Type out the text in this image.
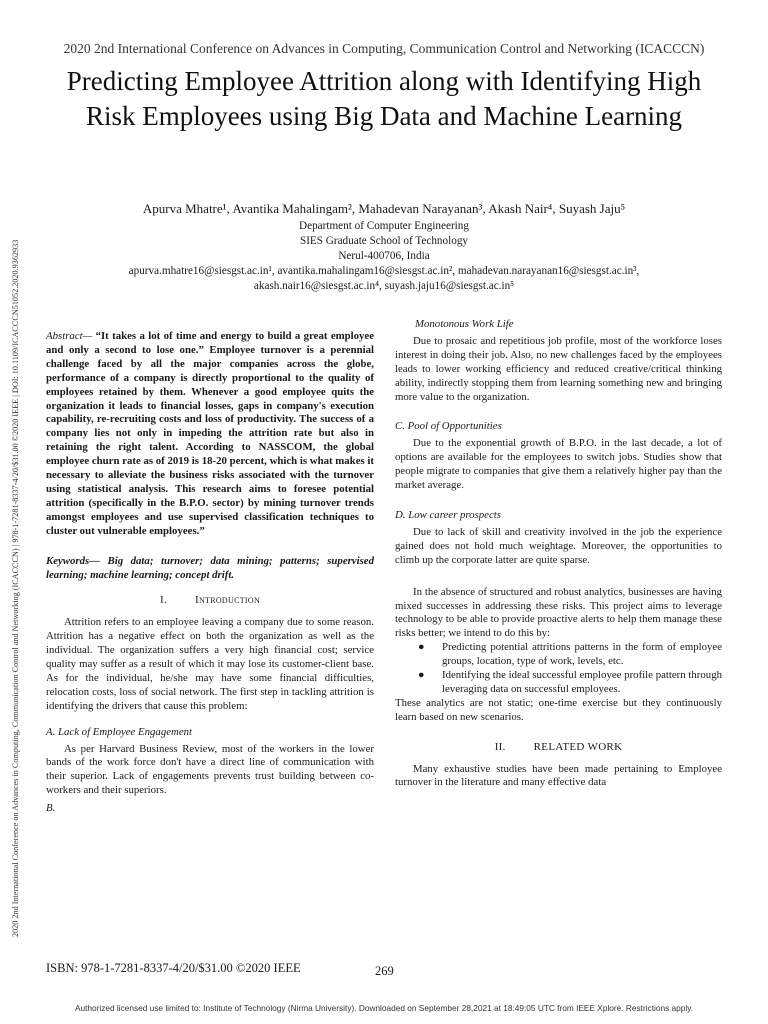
2020 2nd International Conference on Advances in Computing, Communication Control and Networking (ICACCCN)
2020 2nd International Conference on Advances in Computing, Communication Control and Networking (ICACCCN) | 978-1-7281-8337-4/20/$31.00 ©2020 IEEE | DOI: 10.1109/ICACCCN51052.2020.9362933
Predicting Employee Attrition along with Identifying High Risk Employees using Big Data and Machine Learning
Apurva Mhatre¹, Avantika Mahalingam², Mahadevan Narayanan³, Akash Nair⁴, Suyash Jaju⁵
Department of Computer Engineering
SIES Graduate School of Technology
Nerul-400706, India
apurva.mhatre16@siesgst.ac.in¹, avantika.mahalingam16@siesgst.ac.in², mahadevan.narayanan16@siesgst.ac.in³,
akash.nair16@siesgst.ac.in⁴, suyash.jaju16@siesgst.ac.in⁵

Abstract— “It takes a lot of time and energy to build a great employee and only a second to lose one.” Employee turnover is a perennial challenge faced by all the major companies across the globe, performance of a company is directly proportional to the quality of employees retained by them. Whenever a good employee quits the organization it leads to financial losses, gaps in company's execution capability, re-recruiting costs and loss of productivity. The success of a company lies not only in impeding the attrition rate but also in retaining the right talent. According to NASSCOM, the global employee churn rate as of 2019 is 18-20 percent, which is what makes it necessary to alleviate the business risks associated with the turnover using statistical analysis. This research aims to foresee potential attrition (specifically in the B.P.O. sector) by mining turnover trends amongst employees and use supervised classification techniques to cluster out vulnerable employees.”

Keywords— Big data; turnover; data mining; patterns; supervised learning; machine learning; concept drift.

I.	Introduction

Attrition refers to an employee leaving a company due to some reason. Attrition has a negative effect on both the organization as well as the individual. The organization suffers a very high financial cost; service quality may suffer as a result of which it may lose its customer-client base. As for the individual, he/she may have some financial difficulties, relocation costs, loss of social network. The first step in tackling attrition is identifying the drivers that cause this problem:

A. Lack of Employee Engagement

As per Harvard Business Review, most of the workers in the lower bands of the work force don't have a direct line of communication with their superior. Lack of engagements prevents trust building between co-workers and their superiors.

B.
Monotonous Work Life

Due to prosaic and repetitious job profile, most of the workforce loses interest in doing their job. Also, no new challenges faced by the employees leads to lower working efficiency and reduced creative/critical thinking ability, indirectly stopping them from learning something new and bringing more value to the organization.

C. Pool of Opportunities

Due to the exponential growth of B.P.O. in the last decade, a lot of options are available for the employees to switch jobs. Studies show that people migrate to companies that give them a relatively higher pay than the market average.

D. Low career prospects

Due to lack of skill and creativity involved in the job the experience gained does not hold much weightage. Moreover, the opportunities to climb up the corporate latter are quite sparse.

In the absence of structured and robust analytics, businesses are having mixed successes in addressing these risks. This project aims to leverage technology to be able to provide proactive alerts to help them manage these risks better; we intend to do this by:

● Predicting potential attritions patterns in the form of employee groups, location, type of work, levels, etc.
● Identifying the ideal successful employee profile pattern through leveraging data on successful employees.

These analytics are not static; one-time exercise but they continuously learn based on new scenarios.

II.	RELATED WORK

Many exhaustive studies have been made pertaining to Employee turnover in the literature and many effective data

ISBN: 978-1-7281-8337-4/20/$31.00 ©2020 IEEE	269
Authorized licensed use limited to: Institute of Technology (Nirma University). Downloaded on September 28,2021 at 18:49:05 UTC from IEEE Xplore. Restrictions apply.
